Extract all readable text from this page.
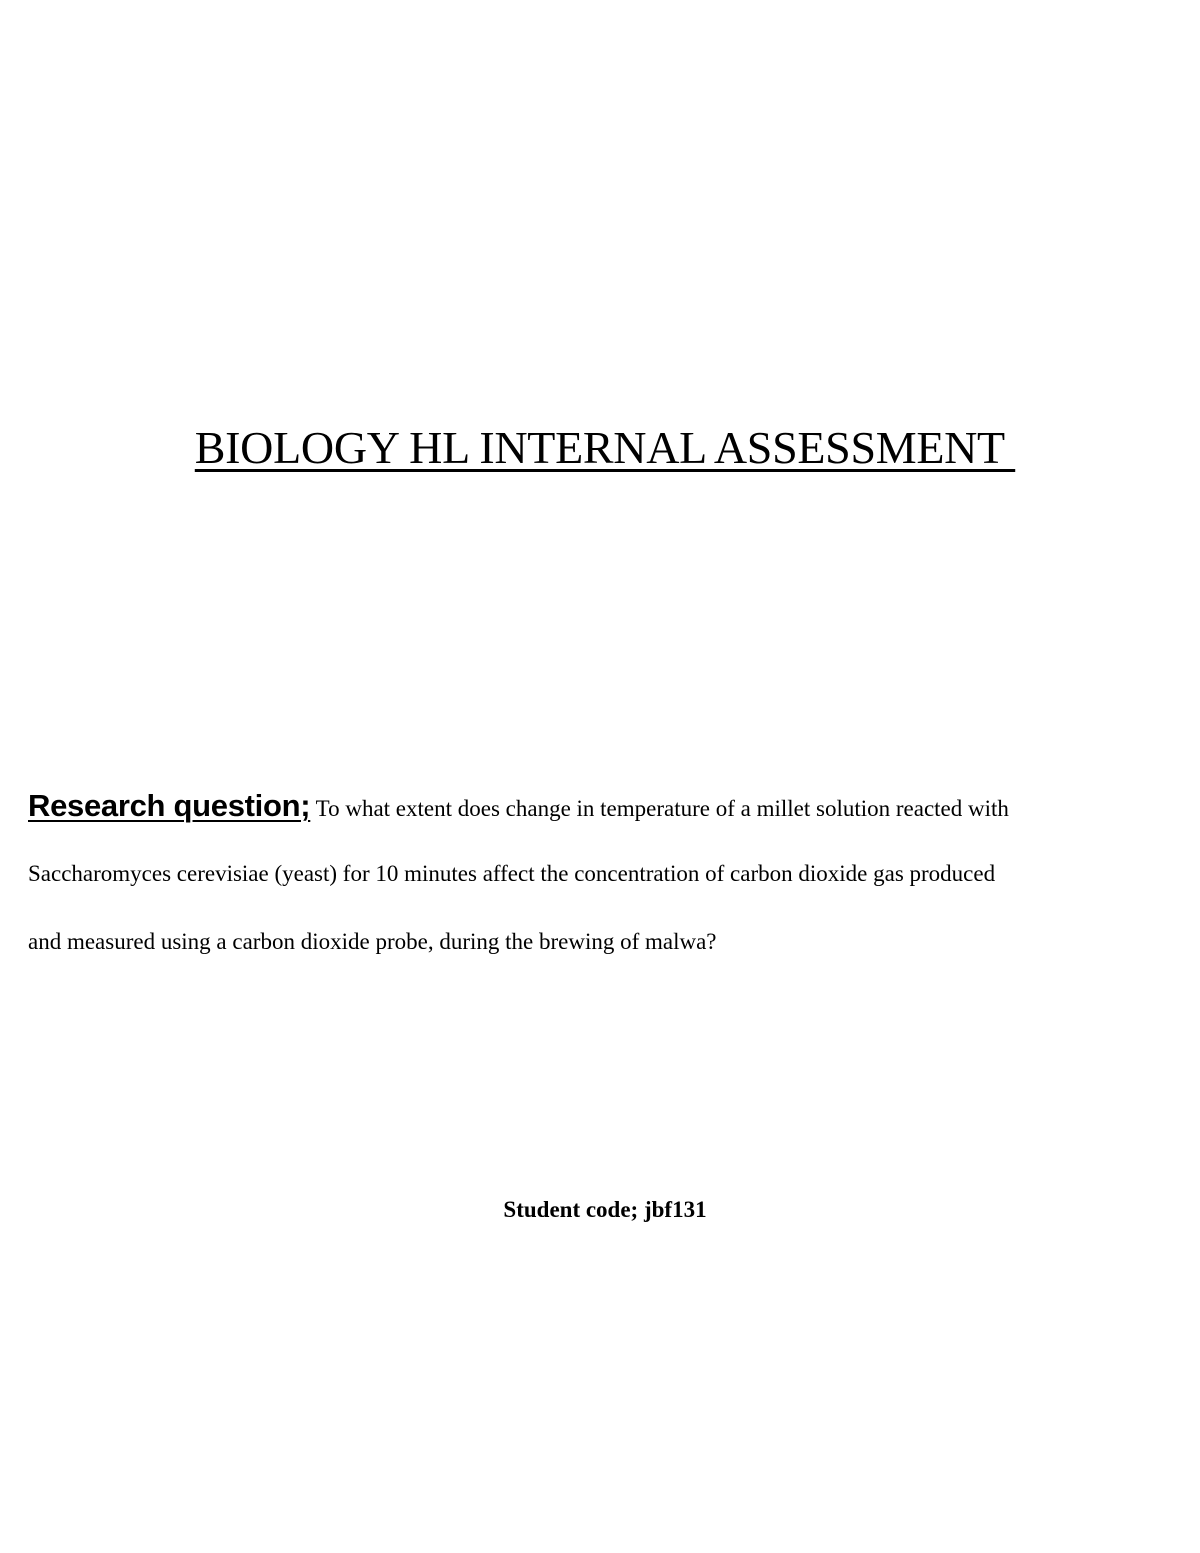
BIOLOGY HL INTERNAL ASSESSMENT
Research question; To what extent does change in temperature of a millet solution reacted with
Saccharomyces cerevisiae (yeast) for 10 minutes affect the concentration of carbon dioxide gas produced
and measured using a carbon dioxide probe, during the brewing of malwa?
Student code; jbf131
